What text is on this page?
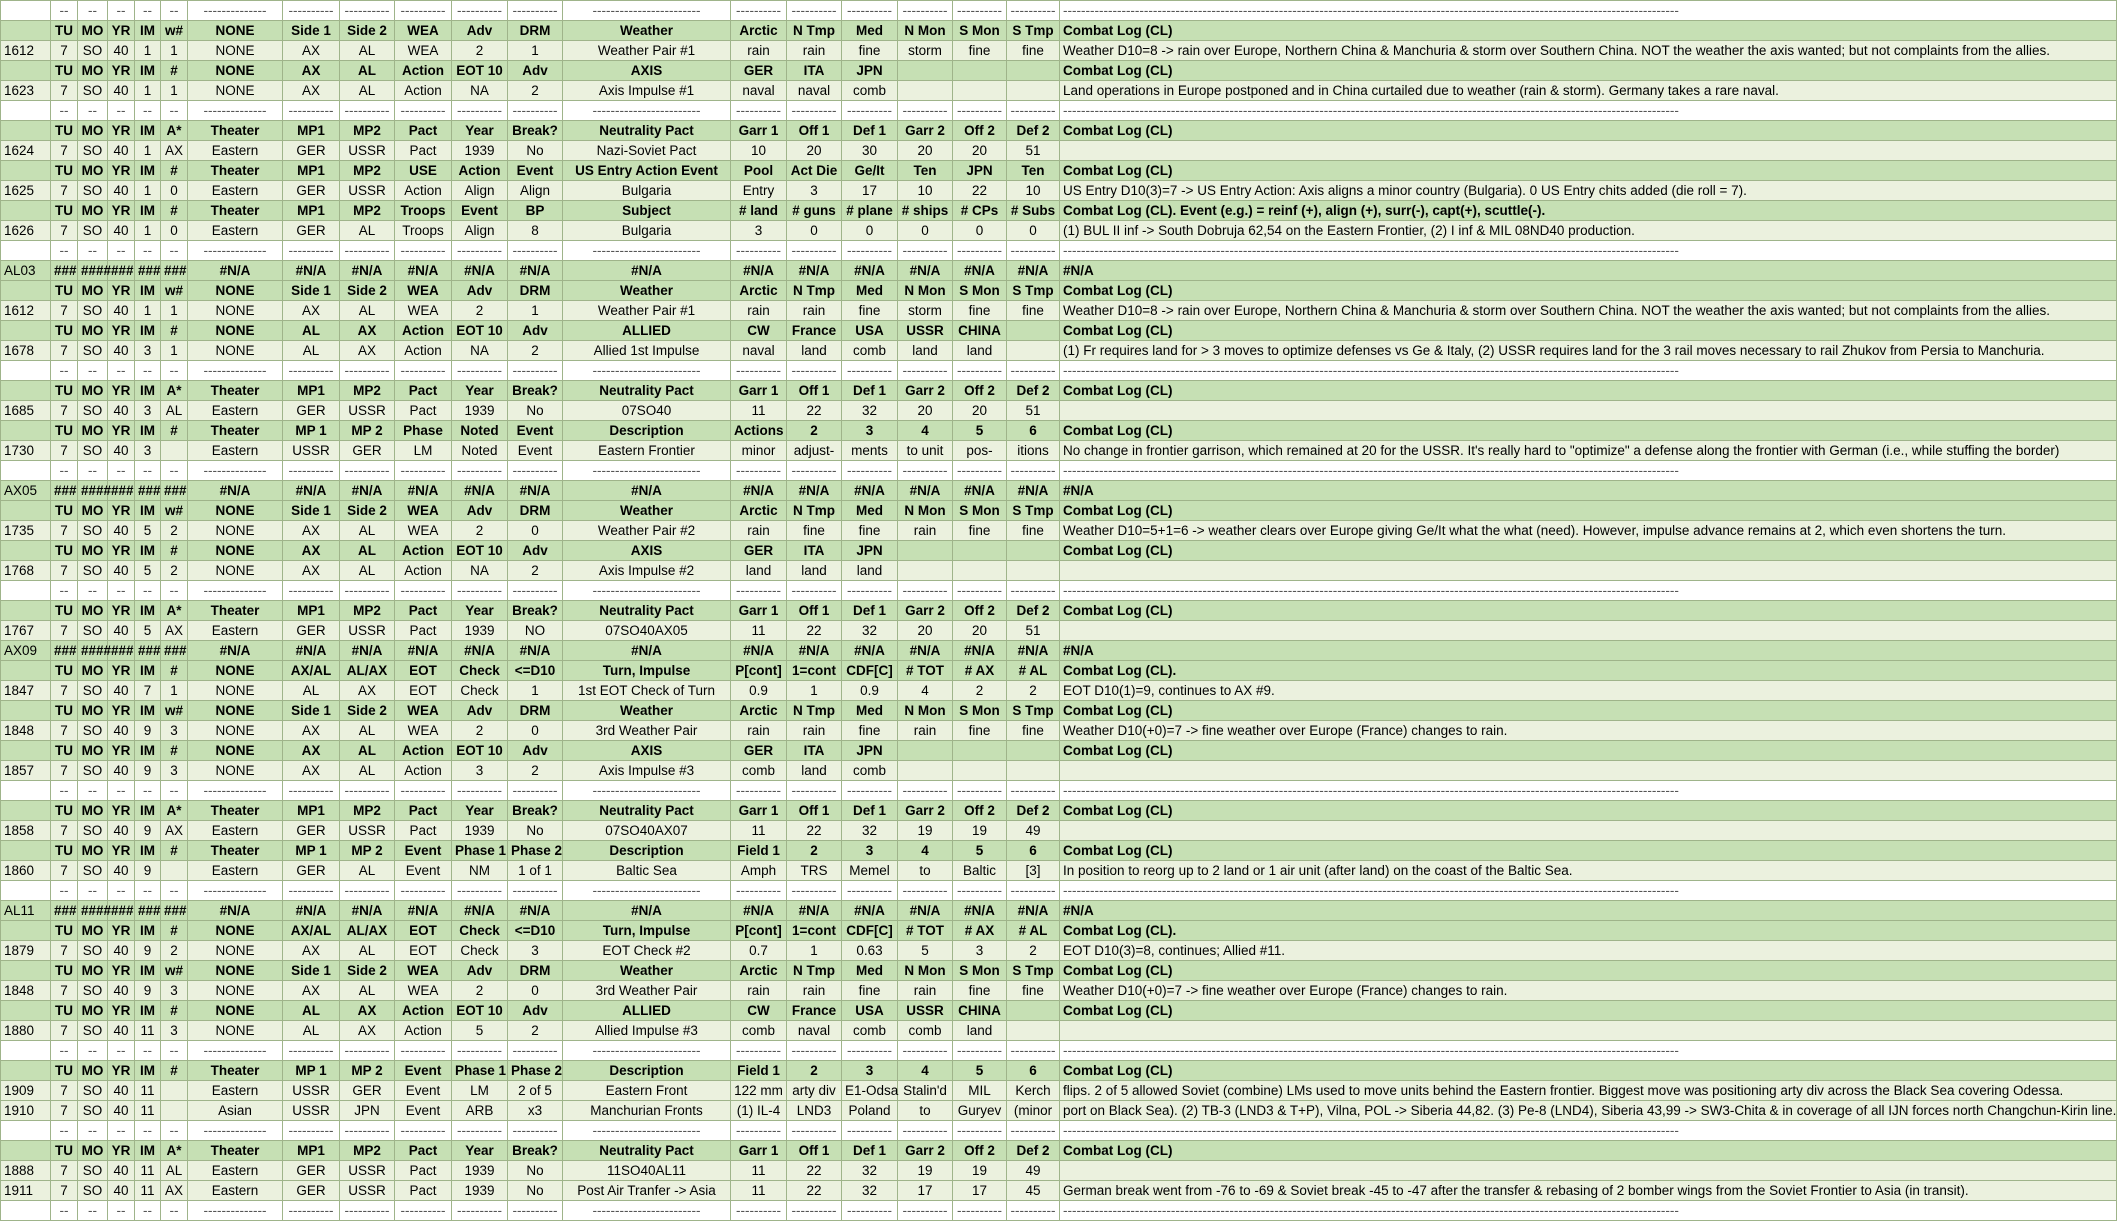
	--	--	--	--	--	--------------	----------	----------	----------	----------	----------	------------------------	----------	----------	----------	----------	----------	----------	-----------------------------------------------------------------------------------------------------------------------------------------
	TU	MO	YR	IM	w#	NONE	Side 1	Side 2	WEA	Adv	DRM	Weather	Arctic	N Tmp	Med	N Mon	S Mon	S Tmp	Combat Log (CL)
1612	7	SO	40	1	1	NONE	AX	AL	WEA	2	1	Weather Pair #1	rain	rain	fine	storm	fine	fine	Weather D10=8 -> rain over Europe, Northern China & Manchuria & storm over Southern China. NOT the weather the axis wanted; but not complaints from the allies.
	TU	MO	YR	IM	#	NONE	AX	AL	Action	EOT 10	Adv	AXIS	GER	ITA	JPN				Combat Log (CL)
1623	7	SO	40	1	1	NONE	AX	AL	Action	NA	2	Axis Impulse #1	naval	naval	comb				Land operations in Europe postponed and in China curtailed due to weather (rain & storm). Germany takes a rare naval.
	--	--	--	--	--	--------------	----------	----------	----------	----------	----------	------------------------	----------	----------	----------	----------	----------	----------	-----------------------------------------------------------------------------------------------------------------------------------------
	TU	MO	YR	IM	A*	Theater	MP1	MP2	Pact	Year	Break?	Neutrality Pact	Garr 1	Off 1	Def 1	Garr 2	Off 2	Def 2	Combat Log (CL)
1624	7	SO	40	1	AX	Eastern	GER	USSR	Pact	1939	No	Nazi-Soviet Pact	10	20	30	20	20	51	
	TU	MO	YR	IM	#	Theater	MP1	MP2	USE	Action	Event	US Entry Action Event	Pool	Act Die	Ge/It	Ten	JPN	Ten	Combat Log (CL)
1625	7	SO	40	1	0	Eastern	GER	USSR	Action	Align	Align	Bulgaria	Entry	3	17	10	22	10	US Entry D10(3)=7 -> US Entry Action: Axis aligns a minor country (Bulgaria). 0 US Entry chits added (die roll = 7).
	TU	MO	YR	IM	#	Theater	MP1	MP2	Troops	Event	BP	Subject	# land	# guns	# plane	# ships	# CPs	# Subs	Combat Log (CL). Event (e.g.) = reinf (+), align (+), surr(-), capt(+), scuttle(-).
1626	7	SO	40	1	0	Eastern	GER	AL	Troops	Align	8	Bulgaria	3	0	0	0	0	0	(1) BUL II inf -> South Dobruja 62,54 on the Eastern Frontier, (2) I inf & MIL 08ND40 production.
	--	--	--	--	--	--------------	----------	----------	----------	----------	----------	------------------------	----------	----------	----------	----------	----------	----------	-----------------------------------------------------------------------------------------------------------------------------------------
AL03	###	####	###	###	###	#N/A	#N/A	#N/A	#N/A	#N/A	#N/A	#N/A	#N/A	#N/A	#N/A	#N/A	#N/A	#N/A	#N/A
	TU	MO	YR	IM	w#	NONE	Side 1	Side 2	WEA	Adv	DRM	Weather	Arctic	N Tmp	Med	N Mon	S Mon	S Tmp	Combat Log (CL)
1612	7	SO	40	1	1	NONE	AX	AL	WEA	2	1	Weather Pair #1	rain	rain	fine	storm	fine	fine	Weather D10=8 -> rain over Europe, Northern China & Manchuria & storm over Southern China. NOT the weather the axis wanted; but not complaints from the allies.
	TU	MO	YR	IM	#	NONE	AL	AX	Action	EOT 10	Adv	ALLIED	CW	France	USA	USSR	CHINA		Combat Log (CL)
1678	7	SO	40	3	1	NONE	AL	AX	Action	NA	2	Allied 1st Impulse	naval	land	comb	land	land		(1) Fr requires land for > 3 moves to optimize defenses vs Ge & Italy, (2) USSR requires land for the 3 rail moves necessary to rail Zhukov from Persia to Manchuria.
	--	--	--	--	--	--------------	----------	----------	----------	----------	----------	------------------------	----------	----------	----------	----------	----------	----------	-----------------------------------------------------------------------------------------------------------------------------------------
	TU	MO	YR	IM	A*	Theater	MP1	MP2	Pact	Year	Break?	Neutrality Pact	Garr 1	Off 1	Def 1	Garr 2	Off 2	Def 2	Combat Log (CL)
1685	7	SO	40	3	AL	Eastern	GER	USSR	Pact	1939	No	07SO40	11	22	32	20	20	51	
	TU	MO	YR	IM	#	Theater	MP 1	MP 2	Phase	Noted	Event	Description	Actions	2	3	4	5	6	Combat Log (CL)
1730	7	SO	40	3		Eastern	USSR	GER	LM	Noted	Event	Eastern Frontier	minor	adjust-	ments	to unit	pos-	itions	No change in frontier garrison, which remained at 20 for the USSR. It's really hard to "optimize" a defense along the frontier with German (i.e., while stuffing the border)
	--	--	--	--	--	--------------	----------	----------	----------	----------	----------	------------------------	----------	----------	----------	----------	----------	----------	-----------------------------------------------------------------------------------------------------------------------------------------
AX05	###	####	###	###	###	#N/A	#N/A	#N/A	#N/A	#N/A	#N/A	#N/A	#N/A	#N/A	#N/A	#N/A	#N/A	#N/A	#N/A
	TU	MO	YR	IM	w#	NONE	Side 1	Side 2	WEA	Adv	DRM	Weather	Arctic	N Tmp	Med	N Mon	S Mon	S Tmp	Combat Log (CL)
1735	7	SO	40	5	2	NONE	AX	AL	WEA	2	0	Weather Pair #2	rain	fine	fine	rain	fine	fine	Weather D10=5+1=6 -> weather clears over Europe giving Ge/It what the what (need). However, impulse advance remains at 2, which even shortens the turn.
	TU	MO	YR	IM	#	NONE	AX	AL	Action	EOT 10	Adv	AXIS	GER	ITA	JPN				Combat Log (CL)
1768	7	SO	40	5	2	NONE	AX	AL	Action	NA	2	Axis Impulse #2	land	land	land				
	--	--	--	--	--	--------------	----------	----------	----------	----------	----------	------------------------	----------	----------	----------	----------	----------	----------	-----------------------------------------------------------------------------------------------------------------------------------------
	TU	MO	YR	IM	A*	Theater	MP1	MP2	Pact	Year	Break?	Neutrality Pact	Garr 1	Off 1	Def 1	Garr 2	Off 2	Def 2	Combat Log (CL)
1767	7	SO	40	5	AX	Eastern	GER	USSR	Pact	1939	NO	07SO40AX05	11	22	32	20	20	51	
AX09	###	####	###	###	###	#N/A	#N/A	#N/A	#N/A	#N/A	#N/A	#N/A	#N/A	#N/A	#N/A	#N/A	#N/A	#N/A	#N/A
	TU	MO	YR	IM	#	NONE	AX/AL	AL/AX	EOT	Check	<=D10	Turn, Impulse	P[cont]	1=cont	CDF[C]	# TOT	# AX	# AL	Combat Log (CL).
1847	7	SO	40	7	1	NONE	AL	AX	EOT	Check	1	1st EOT Check of Turn	0.9	1	0.9	4	2	2	EOT D10(1)=9, continues to AX #9.
	TU	MO	YR	IM	w#	NONE	Side 1	Side 2	WEA	Adv	DRM	Weather	Arctic	N Tmp	Med	N Mon	S Mon	S Tmp	Combat Log (CL)
1848	7	SO	40	9	3	NONE	AX	AL	WEA	2	0	3rd Weather Pair	rain	rain	fine	rain	fine	fine	Weather D10(+0)=7 -> fine weather over Europe (France) changes to rain.
	TU	MO	YR	IM	#	NONE	AX	AL	Action	EOT 10	Adv	AXIS	GER	ITA	JPN				Combat Log (CL)
1857	7	SO	40	9	3	NONE	AX	AL	Action	3	2	Axis Impulse #3	comb	land	comb				
	--	--	--	--	--	--------------	----------	----------	----------	----------	----------	------------------------	----------	----------	----------	----------	----------	----------	-----------------------------------------------------------------------------------------------------------------------------------------
	TU	MO	YR	IM	A*	Theater	MP1	MP2	Pact	Year	Break?	Neutrality Pact	Garr 1	Off 1	Def 1	Garr 2	Off 2	Def 2	Combat Log (CL)
1858	7	SO	40	9	AX	Eastern	GER	USSR	Pact	1939	No	07SO40AX07	11	22	32	19	19	49	
	TU	MO	YR	IM	#	Theater	MP 1	MP 2	Event	Phase 1	Phase 2	Description	Field 1	2	3	4	5	6	Combat Log (CL)
1860	7	SO	40	9		Eastern	GER	AL	Event	NM	1 of 1	Baltic Sea	Amph	TRS	Memel	to	Baltic	[3]	In position to reorg up to 2 land or 1 air unit (after land) on the coast of the Baltic Sea.
	--	--	--	--	--	--------------	----------	----------	----------	----------	----------	------------------------	----------	----------	----------	----------	----------	----------	-----------------------------------------------------------------------------------------------------------------------------------------
AL11	###	####	###	###	###	#N/A	#N/A	#N/A	#N/A	#N/A	#N/A	#N/A	#N/A	#N/A	#N/A	#N/A	#N/A	#N/A	#N/A
	TU	MO	YR	IM	#	NONE	AX/AL	AL/AX	EOT	Check	<=D10	Turn, Impulse	P[cont]	1=cont	CDF[C]	# TOT	# AX	# AL	Combat Log (CL).
1879	7	SO	40	9	2	NONE	AX	AL	EOT	Check	3	EOT Check #2	0.7	1	0.63	5	3	2	EOT D10(3)=8, continues; Allied #11.
	TU	MO	YR	IM	w#	NONE	Side 1	Side 2	WEA	Adv	DRM	Weather	Arctic	N Tmp	Med	N Mon	S Mon	S Tmp	Combat Log (CL)
1848	7	SO	40	9	3	NONE	AX	AL	WEA	2	0	3rd Weather Pair	rain	rain	fine	rain	fine	fine	Weather D10(+0)=7 -> fine weather over Europe (France) changes to rain.
	TU	MO	YR	IM	#	NONE	AL	AX	Action	EOT 10	Adv	ALLIED	CW	France	USA	USSR	CHINA		Combat Log (CL)
1880	7	SO	40	11	3	NONE	AL	AX	Action	5	2	Allied Impulse #3	comb	naval	comb	comb	land		
	--	--	--	--	--	--------------	----------	----------	----------	----------	----------	------------------------	----------	----------	----------	----------	----------	----------	-----------------------------------------------------------------------------------------------------------------------------------------
	TU	MO	YR	IM	#	Theater	MP 1	MP 2	Event	Phase 1	Phase 2	Description	Field 1	2	3	4	5	6	Combat Log (CL)
1909	7	SO	40	11		Eastern	USSR	GER	Event	LM	2 of 5	Eastern Front	122 mm	arty div	E1-Odsa	Stalin'd	MIL	Kerch	flips. 2 of 5 allowed Soviet (combine) LMs used to move units behind the Eastern frontier. Biggest move was positioning arty div across the Black Sea covering Odessa.
1910	7	SO	40	11		Asian	USSR	JPN	Event	ARB	x3	Manchurian Fronts	(1) IL-4	LND3	Poland	to	Guryev	(minor	port on Black Sea). (2) TB-3 (LND3 & T+P), Vilna, POL -> Siberia 44,82. (3) Pe-8 (LND4), Siberia 43,99 -> SW3-Chita & in coverage of all IJN forces north Changchun-Kirin line.
	--	--	--	--	--	--------------	----------	----------	----------	----------	----------	------------------------	----------	----------	----------	----------	----------	----------	-----------------------------------------------------------------------------------------------------------------------------------------
	TU	MO	YR	IM	A*	Theater	MP1	MP2	Pact	Year	Break?	Neutrality Pact	Garr 1	Off 1	Def 1	Garr 2	Off 2	Def 2	Combat Log (CL)
1888	7	SO	40	11	AL	Eastern	GER	USSR	Pact	1939	No	11SO40AL11	11	22	32	19	19	49	
1911	7	SO	40	11	AX	Eastern	GER	USSR	Pact	1939	No	Post Air Tranfer -> Asia	11	22	32	17	17	45	German break went from -76 to -69 & Soviet break -45 to -47 after the transfer & rebasing of 2 bomber wings from the Soviet Frontier to Asia (in transit).
	--	--	--	--	--	--------------	----------	----------	----------	----------	----------	------------------------	----------	----------	----------	----------	----------	----------	-----------------------------------------------------------------------------------------------------------------------------------------
